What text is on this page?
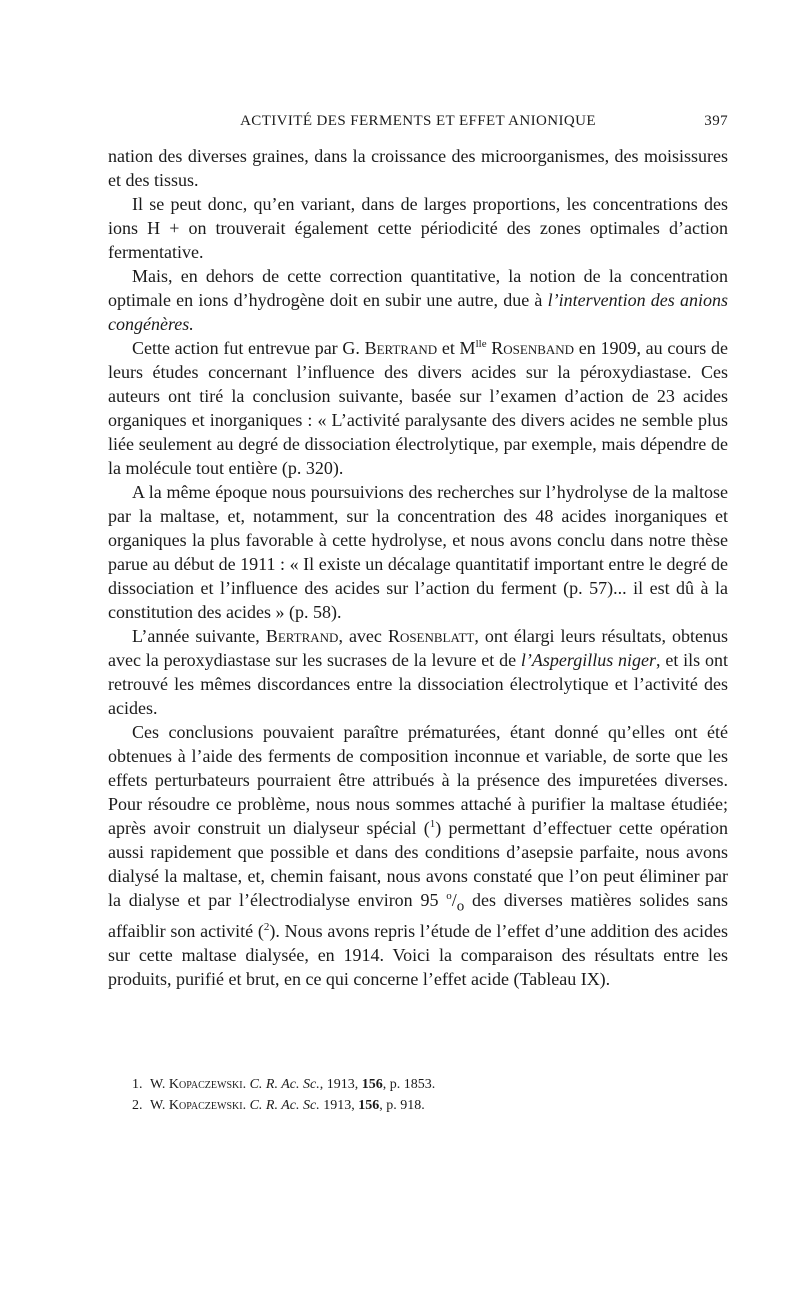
ACTIVITÉ DES FERMENTS ET EFFET ANIONIQUE	397

nation des diverses graines, dans la croissance des microorganismes, des moisissures et des tissus.

Il se peut donc, qu’en variant, dans de larges proportions, les concentrations des ions H + on trouverait également cette périodicité des zones optimales d’action fermentative.

Mais, en dehors de cette correction quantitative, la notion de la concentration optimale en ions d’hydrogène doit en subir une autre, due à l’intervention des anions congénères.

Cette action fut entrevue par G. Bertrand et $M^{lle}$ Rosenband en 1909, au cours de leurs études concernant l’influence des divers acides sur la péroxydiastase. Ces auteurs ont tiré la conclusion suivante, basée sur l’examen d’action de 23 acides organiques et inorganiques : « L’activité paralysante des divers acides ne semble plus liée seulement au degré de dissociation électrolytique, par exemple, mais dépendre de la molécule tout entière (p. 320).

A la même époque nous poursuivions des recherches sur l’hydrolyse de la maltose par la maltase, et, notamment, sur la concentration des 48 acides inorganiques et organiques la plus favorable à cette hydrolyse, et nous avons conclu dans notre thèse parue au début de 1911 : « Il existe un décalage quantitatif important entre le degré de dissociation et l’influence des acides sur l’action du ferment (p. 57)... il est dû à la constitution des acides » (p. 58).

L’année suivante, Bertrand, avec Rosenblatt, ont élargi leurs résultats, obtenus avec la peroxydiastase sur les sucrases de la levure et de l’Aspergillus niger, et ils ont retrouvé les mêmes discordances entre la dissociation électrolytique et l’activité des acides.

Ces conclusions pouvaient paraître prématurées, étant donné qu’elles ont été obtenues à l’aide des ferments de composition inconnue et variable, de sorte que les effets perturbateurs pourraient être attribués à la présence des impuretées diverses. Pour résoudre ce problème, nous nous sommes attaché à purifier la maltase étudiée; après avoir construit un dialyseur spécial ($^1$) permettant d’effectuer cette opération aussi rapidement que possible et dans des conditions d’asepsie parfaite, nous avons dialysé la maltase, et, chemin faisant, nous avons constaté que l’on peut éliminer par la dialyse et par l’électrodialyse environ 95 $^o/_o$ des diverses matières solides sans affaiblir son activité ($^2$). Nous avons repris l’étude de l’effet d’une addition des acides sur cette maltase dialysée, en 1914. Voici la comparaison des résultats entre les produits, purifié et brut, en ce qui concerne l’effet acide (Tableau IX).

1. W. Kopaczewski. C. R. Ac. Sc., 1913, 156, p. 1853.
2. W. Kopaczewski. C. R. Ac. Sc. 1913, 156, p. 918.
